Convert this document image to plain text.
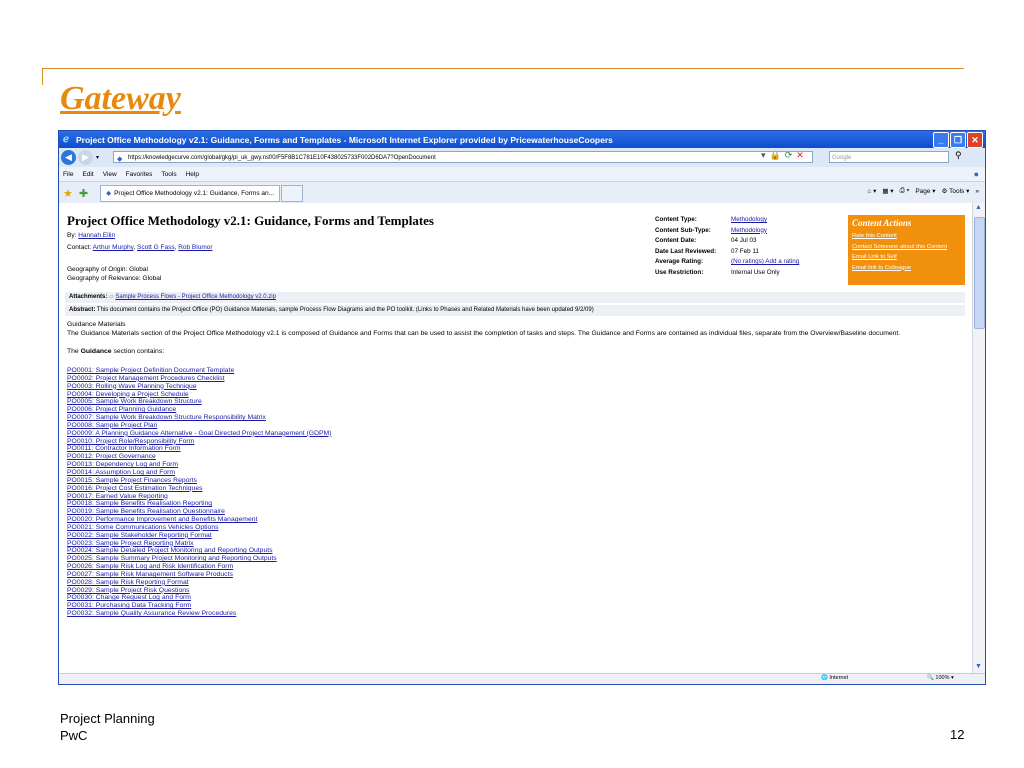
Gateway
ℯ Project Office Methodology v2.1: Guidance, Forms and Templates - Microsoft Internet Explorer provided by PricewaterhouseCoopers	_	❐	✕
◀	▶	▾	◆ https://knowledgecurve.com/global/gkg/pi_uk_gwy.nsf/0/F5F8B1C781E10F438025733F002D6DA7?OpenDocument	▾ 🔒 ⟳ ✕	Google	⚲
File Edit View Favorites Tools Help	●
★ ✚	◆ Project Office Methodology v2.1: Guidance, Forms an...	⌂ ▾ ▦ ▾ ⎙ ▾ Page ▾ ⚙ Tools ▾ »
Project Office Methodology v2.1: Guidance, Forms and Templates
By: Hannah Ellin
Contact: Arthur Murphy, Scott G Fass, Rob Blumor
Geography of Origin: Global
Geography of Relevance: Global
Content Type:	Methodology
Content Sub-Type:	Methodology
Content Date:	04 Jul 03
Date Last Reviewed:	07 Feb 11
Average Rating:	(No ratings) Add a rating
Use Restriction:	Internal Use Only
Content Actions
Rate this Content
Contact Someone about this Content
Email Link to Self
Email link to Colleague
Attachments: ▱ Sample Process Flows - Project Office Methodology v2.0.zip
Abstract: This document contains the Project Office (PO) Guidance Materials, sample Process Flow Diagrams and the PO toolkit. (Links to Phases and Related Materials have been updated 9/2/09)
Guidance Materials
The Guidance Materials section of the Project Office Methodology v2.1 is composed of Guidance and Forms that can be used to assist the completion of tasks and steps. The Guidance and Forms are contained as individual files, separate from the Overview/Baseline document.
The Guidance section contains:
PO0001: Sample Project Definition Document Template
PO0002: Project Management Procedures Checklist
PO0003: Rolling Wave Planning Technique
PO0004: Developing a Project Schedule
PO0005: Sample Work Breakdown Structure
PO0006: Project Planning Guidance
PO0007: Sample Work Breakdown Structure Responsibility Matrix
PO0008: Sample Project Plan
PO0009: A Planning Guidance Alternative - Goal Directed Project Management (GDPM)
PO0010: Project Role/Responsibility Form
PO0011: Contractor Information Form
PO0012: Project Governance
PO0013: Dependency Log and Form
PO0014: Assumption Log and Form
PO0015: Sample Project Finances Reports
PO0016: Project Cost Estimation Techniques
PO0017: Earned Value Reporting
PO0018: Sample Benefits Realisation Reporting
PO0019: Sample Benefits Realisation Questionnaire
PO0020: Performance Improvement and Benefits Management
PO0021: Some Communications Vehicles Options
PO0022: Sample Stakeholder Reporting Format
PO0023: Sample Project Reporting Matrix
PO0024: Sample Detailed Project Monitoring and Reporting Outputs
PO0025: Sample Summary Project Monitoring and Reporting Outputs
PO0026: Sample Risk Log and Risk Identification Form
PO0027: Sample Risk Management Software Products
PO0028: Sample Risk Reporting Format
PO0029: Sample Project Risk Questions
PO0030: Change Request Log and Form
PO0031: Purchasing Data Tracking Form
PO0032: Sample Quality Assurance Review Procedures
▲
▼
🌐 Internet	🔍 100% ▾
Project Planning
PwC	12
